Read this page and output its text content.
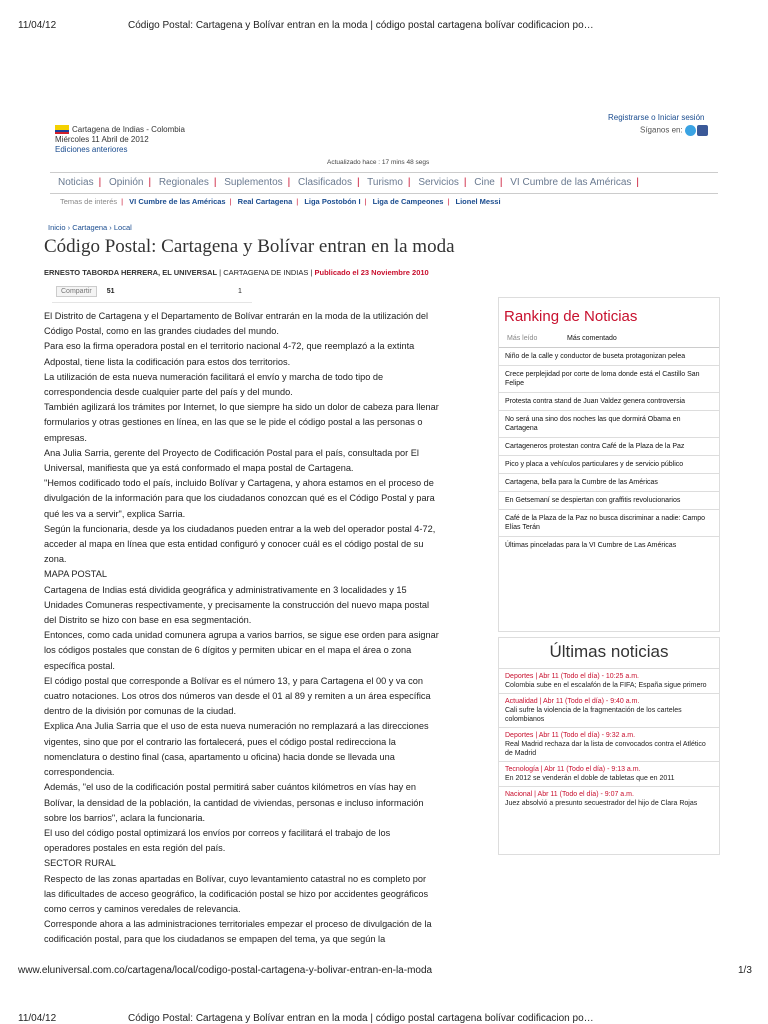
11/04/12	Código Postal: Cartagena y Bolívar entran en la moda | código postal cartagena bolívar codificacion po…
Cartagena de Indias - Colombia
Miércoles 11 Abril de 2012
Ediciones anteriores
Registrarse o Iniciar sesión
Síganos en:
Actualizado hace : 17 mins 48 segs
Noticias | Opinión | Regionales | Suplementos | Clasificados | Turismo | Servicios | Cine | VI Cumbre de las Américas |
Temas de interés | VI Cumbre de las Américas | Real Cartagena | Liga Postobón I | Liga de Campeones | Lionel Messi
Inicio › Cartagena › Local
Código Postal: Cartagena y Bolívar entran en la moda
ERNESTO TABORDA HERRERA, EL UNIVERSAL | CARTAGENA DE INDIAS | Publicado el 23 Noviembre 2010
Compartir 51	1

El Distrito de Cartagena y el Departamento de Bolívar entrarán en la moda de la utilización del Código Postal, como en las grandes ciudades del mundo.

Para eso la firma operadora postal en el territorio nacional 4-72, que reemplazó a la extinta Adpostal, tiene lista la codificación para estos dos territorios.

La utilización de esta nueva numeración facilitará el envío y marcha de todo tipo de correspondencia desde cualquier parte del país y del mundo.

También agilizará los trámites por Internet, lo que siempre ha sido un dolor de cabeza para llenar formularios y otras gestiones en línea, en las que se le pide el código postal a las personas o empresas.

Ana Julia Sarria, gerente del Proyecto de Codificación Postal para el país, consultada por El Universal, manifiesta que ya está conformado el mapa postal de Cartagena.

"Hemos codificado todo el país, incluido Bolívar y Cartagena, y ahora estamos en el proceso de divulgación de la información para que los ciudadanos conozcan qué es el Código Postal y para qué les va a servir", explica Sarria.

Según la funcionaria, desde ya los ciudadanos pueden entrar a la web del operador postal 4-72, acceder al mapa en línea que esta entidad configuró y conocer cuál es el código postal de su zona.

MAPA POSTAL

Cartagena de Indias está dividida geográfica y administrativamente en 3 localidades y 15 Unidades Comuneras respectivamente, y precisamente la construcción del nuevo mapa postal del Distrito se hizo con base en esa segmentación.

Entonces, como cada unidad comunera agrupa a varios barrios, se sigue ese orden para asignar los códigos postales que constan de 6 dígitos y permiten ubicar en el mapa el área o zona específica postal.

El código postal que corresponde a Bolívar es el número 13, y para Cartagena el 00 y va con cuatro notaciones. Los otros dos números van desde el 01 al 89 y remiten a un área específica dentro de la división por comunas de la ciudad.

Explica Ana Julia Sarria que el uso de esta nueva numeración no remplazará a las direcciones vigentes, sino que por el contrario las fortalecerá, pues el código postal redirecciona la nomenclatura o destino final (casa, apartamento u oficina) hacia donde se llevada una correspondencia.

Además, "el uso de la codificación postal permitirá saber cuántos kilómetros en vías hay en Bolívar, la densidad de la población, la cantidad de viviendas, personas e incluso información sobre los barrios", aclara la funcionaria.

El uso del código postal optimizará los envíos por correos y facilitará el trabajo de los operadores postales en esta región del país.

SECTOR RURAL

Respecto de las zonas apartadas en Bolívar, cuyo levantamiento catastral no es completo por las dificultades de acceso geográfico, la codificación postal se hizo por accidentes geográficos como cerros y caminos veredales de relevancia.

Corresponde ahora a las administraciones territoriales empezar el proceso de divulgación de la codificación postal, para que los ciudadanos se empapen del tema, ya que según la

Ranking de Noticias
Más leído	Más comentado
Niño de la calle y conductor de buseta protagonizan pelea
Crece perplejidad por corte de loma donde está el Castillo San Felipe
Protesta contra stand de Juan Valdez genera controversia
No será una sino dos noches las que dormirá Obama en Cartagena
Cartageneros protestan contra Café de la Plaza de la Paz
Pico y placa a vehículos particulares y de servicio público
Cartagena, bella para la Cumbre de las Américas
En Getsemaní se despiertan con graffitis revolucionarios
Café de la Plaza de la Paz no busca discriminar a nadie: Campo Elías Terán
Últimas pinceladas para la VI Cumbre de Las Américas
Últimas noticias
Deportes | Abr 11 (Todo el día) - 10:25 a.m.
Colombia sube en el escalafón de la FIFA; España sigue primero
Actualidad | Abr 11 (Todo el día) - 9:40 a.m.
Cali sufre la violencia de la fragmentación de los carteles colombianos
Deportes | Abr 11 (Todo el día) - 9:32 a.m.
Real Madrid rechaza dar la lista de convocados contra el Atlético de Madrid
Tecnología | Abr 11 (Todo el día) - 9:13 a.m.
En 2012 se venderán el doble de tabletas que en 2011
Nacional | Abr 11 (Todo el día) - 9:07 a.m.
Juez absolvió a presunto secuestrador del hijo de Clara Rojas
www.eluniversal.com.co/cartagena/local/codigo-postal-cartagena-y-bolivar-entran-en-la-moda	1/3
11/04/12	Código Postal: Cartagena y Bolívar entran en la moda | código postal cartagena bolívar codificacion po…
